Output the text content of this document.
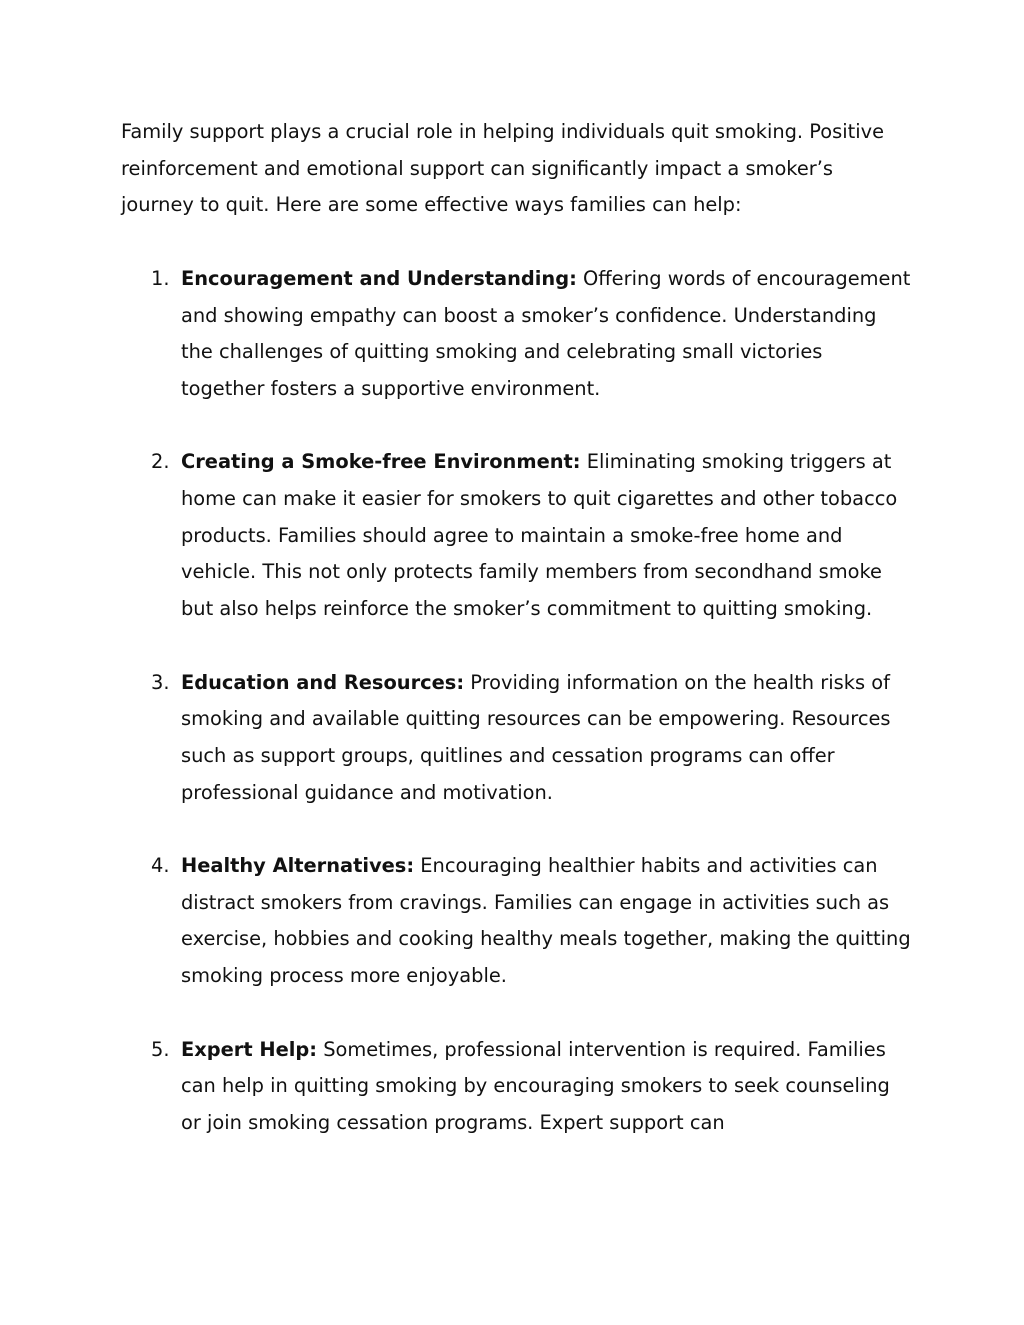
Family support plays a crucial role in helping individuals quit smoking. Positive reinforcement and emotional support can significantly impact a smoker’s journey to quit. Here are some effective ways families can help:

1. Encouragement and Understanding: Offering words of encouragement and showing empathy can boost a smoker’s confidence. Understanding the challenges of quitting smoking and celebrating small victories together fosters a supportive environment.
2. Creating a Smoke-free Environment: Eliminating smoking triggers at home can make it easier for smokers to quit cigarettes and other tobacco products. Families should agree to maintain a smoke-free home and vehicle. This not only protects family members from secondhand smoke but also helps reinforce the smoker’s commitment to quitting smoking.
3. Education and Resources: Providing information on the health risks of smoking and available quitting resources can be empowering. Resources such as support groups, quitlines and cessation programs can offer professional guidance and motivation.
4. Healthy Alternatives: Encouraging healthier habits and activities can distract smokers from cravings. Families can engage in activities such as exercise, hobbies and cooking healthy meals together, making the quitting smoking process more enjoyable.
5. Expert Help: Sometimes, professional intervention is required. Families can help in quitting smoking by encouraging smokers to seek counseling or join smoking cessation programs. Expert support can
